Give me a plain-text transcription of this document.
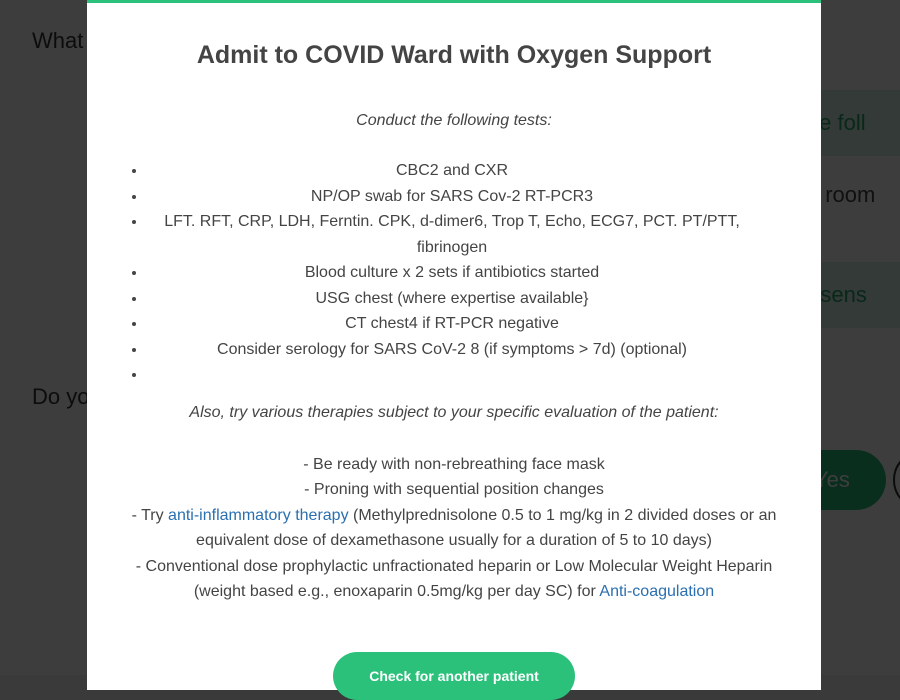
Admit to COVID Ward with Oxygen Support
Conduct the following tests:
• CBC2 and CXR
• NP/OP swab for SARS Cov-2 RT-PCR3
• LFT. RFT, CRP, LDH, Ferntin. CPK, d-dimer6, Trop T, Echo, ECG7, PCT. PT/PTT, fibrinogen
• Blood culture x 2 sets if antibiotics started
• USG chest (where expertise available}
• CT chest4 if RT-PCR negative
• Consider serology for SARS CoV-2 8 (if symptoms > 7d) (optional)
•
Also, try various therapies subject to your specific evaluation of the patient:
- Be ready with non-rebreathing face mask
- Proning with sequential position changes
- Try anti-inflammatory therapy (Methylprednisolone 0.5 to 1 mg/kg in 2 divided doses or an equivalent dose of dexamethasone usually for a duration of 5 to 10 days)
- Conventional dose prophylactic unfractionated heparin or Low Molecular Weight Heparin (weight based e.g., enoxaparin 0.5mg/kg per day SC) for Anti-coagulation
Check for another patient
